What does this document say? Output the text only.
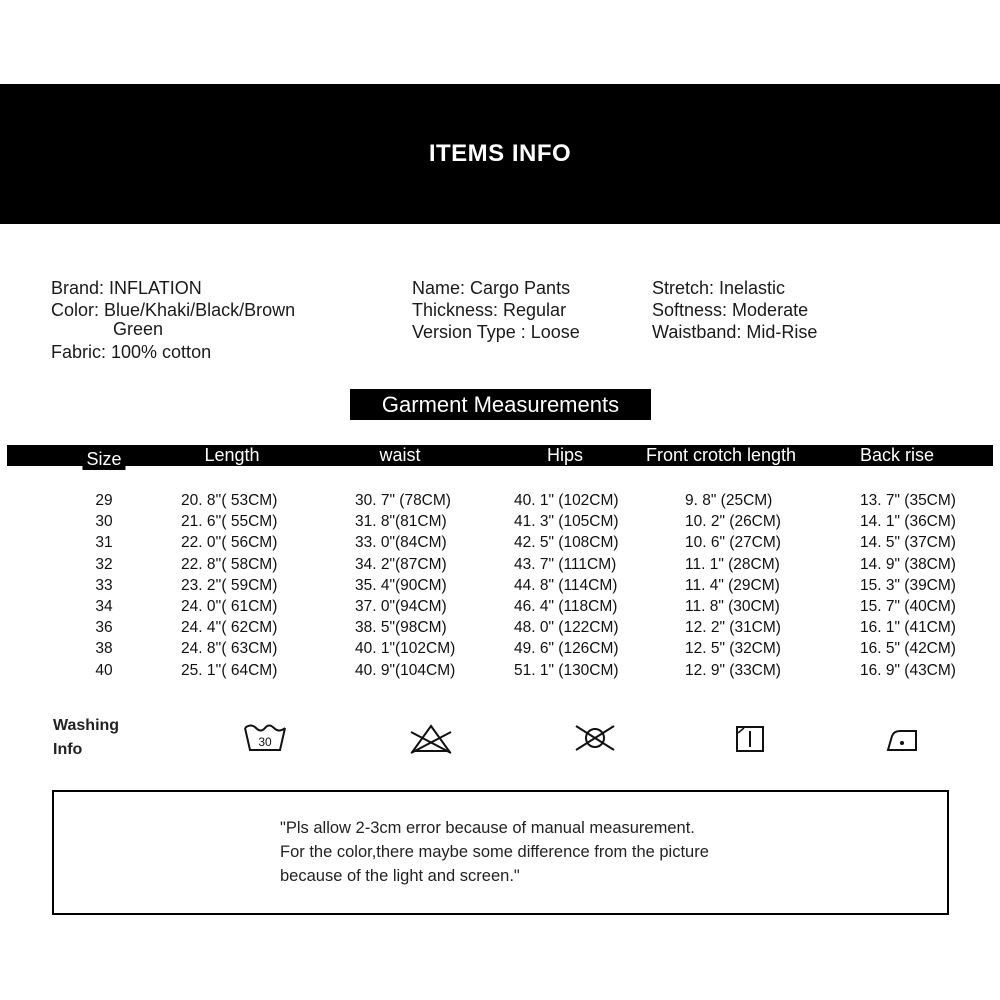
ITEMS INFO
Brand: INFLATION
Color: Blue/Khaki/Black/Brown
Green
Fabric: 100% cotton
Name: Cargo Pants
Thickness: Regular
Version Type : Loose
Stretch: Inelastic
Softness: Moderate
Waistband: Mid-Rise
Garment Measurements
Size	Length	waist	Hips	Front crotch length	Back rise
29	20. 8''( 53CM)	30. 7" (78CM)	40. 1" (102CM)	9. 8" (25CM)	13. 7" (35CM)
30	21. 6''( 55CM)	31. 8"(81CM)	41. 3" (105CM)	10. 2" (26CM)	14. 1" (36CM)
31	22. 0''( 56CM)	33. 0"(84CM)	42. 5" (108CM)	10. 6" (27CM)	14. 5" (37CM)
32	22. 8''( 58CM)	34. 2"(87CM)	43. 7" (111CM)	11. 1" (28CM)	14. 9" (38CM)
33	23. 2''( 59CM)	35. 4"(90CM)	44. 8" (114CM)	11. 4" (29CM)	15. 3" (39CM)
34	24. 0''( 61CM)	37. 0"(94CM)	46. 4" (118CM)	11. 8" (30CM)	15. 7" (40CM)
36	24. 4''( 62CM)	38. 5"(98CM)	48. 0" (122CM)	12. 2" (31CM)	16. 1" (41CM)
38	24. 8''( 63CM)	40. 1"(102CM)	49. 6" (126CM)	12. 5" (32CM)	16. 5" (42CM)
40	25. 1''( 64CM)	40. 9"(104CM)	51. 1" (130CM)	12. 9" (33CM)	16. 9" (43CM)
Washing
Info	30
"Pls allow 2-3cm error because of manual measurement.
For the color,there maybe some difference from the picture
because of the light and screen."
